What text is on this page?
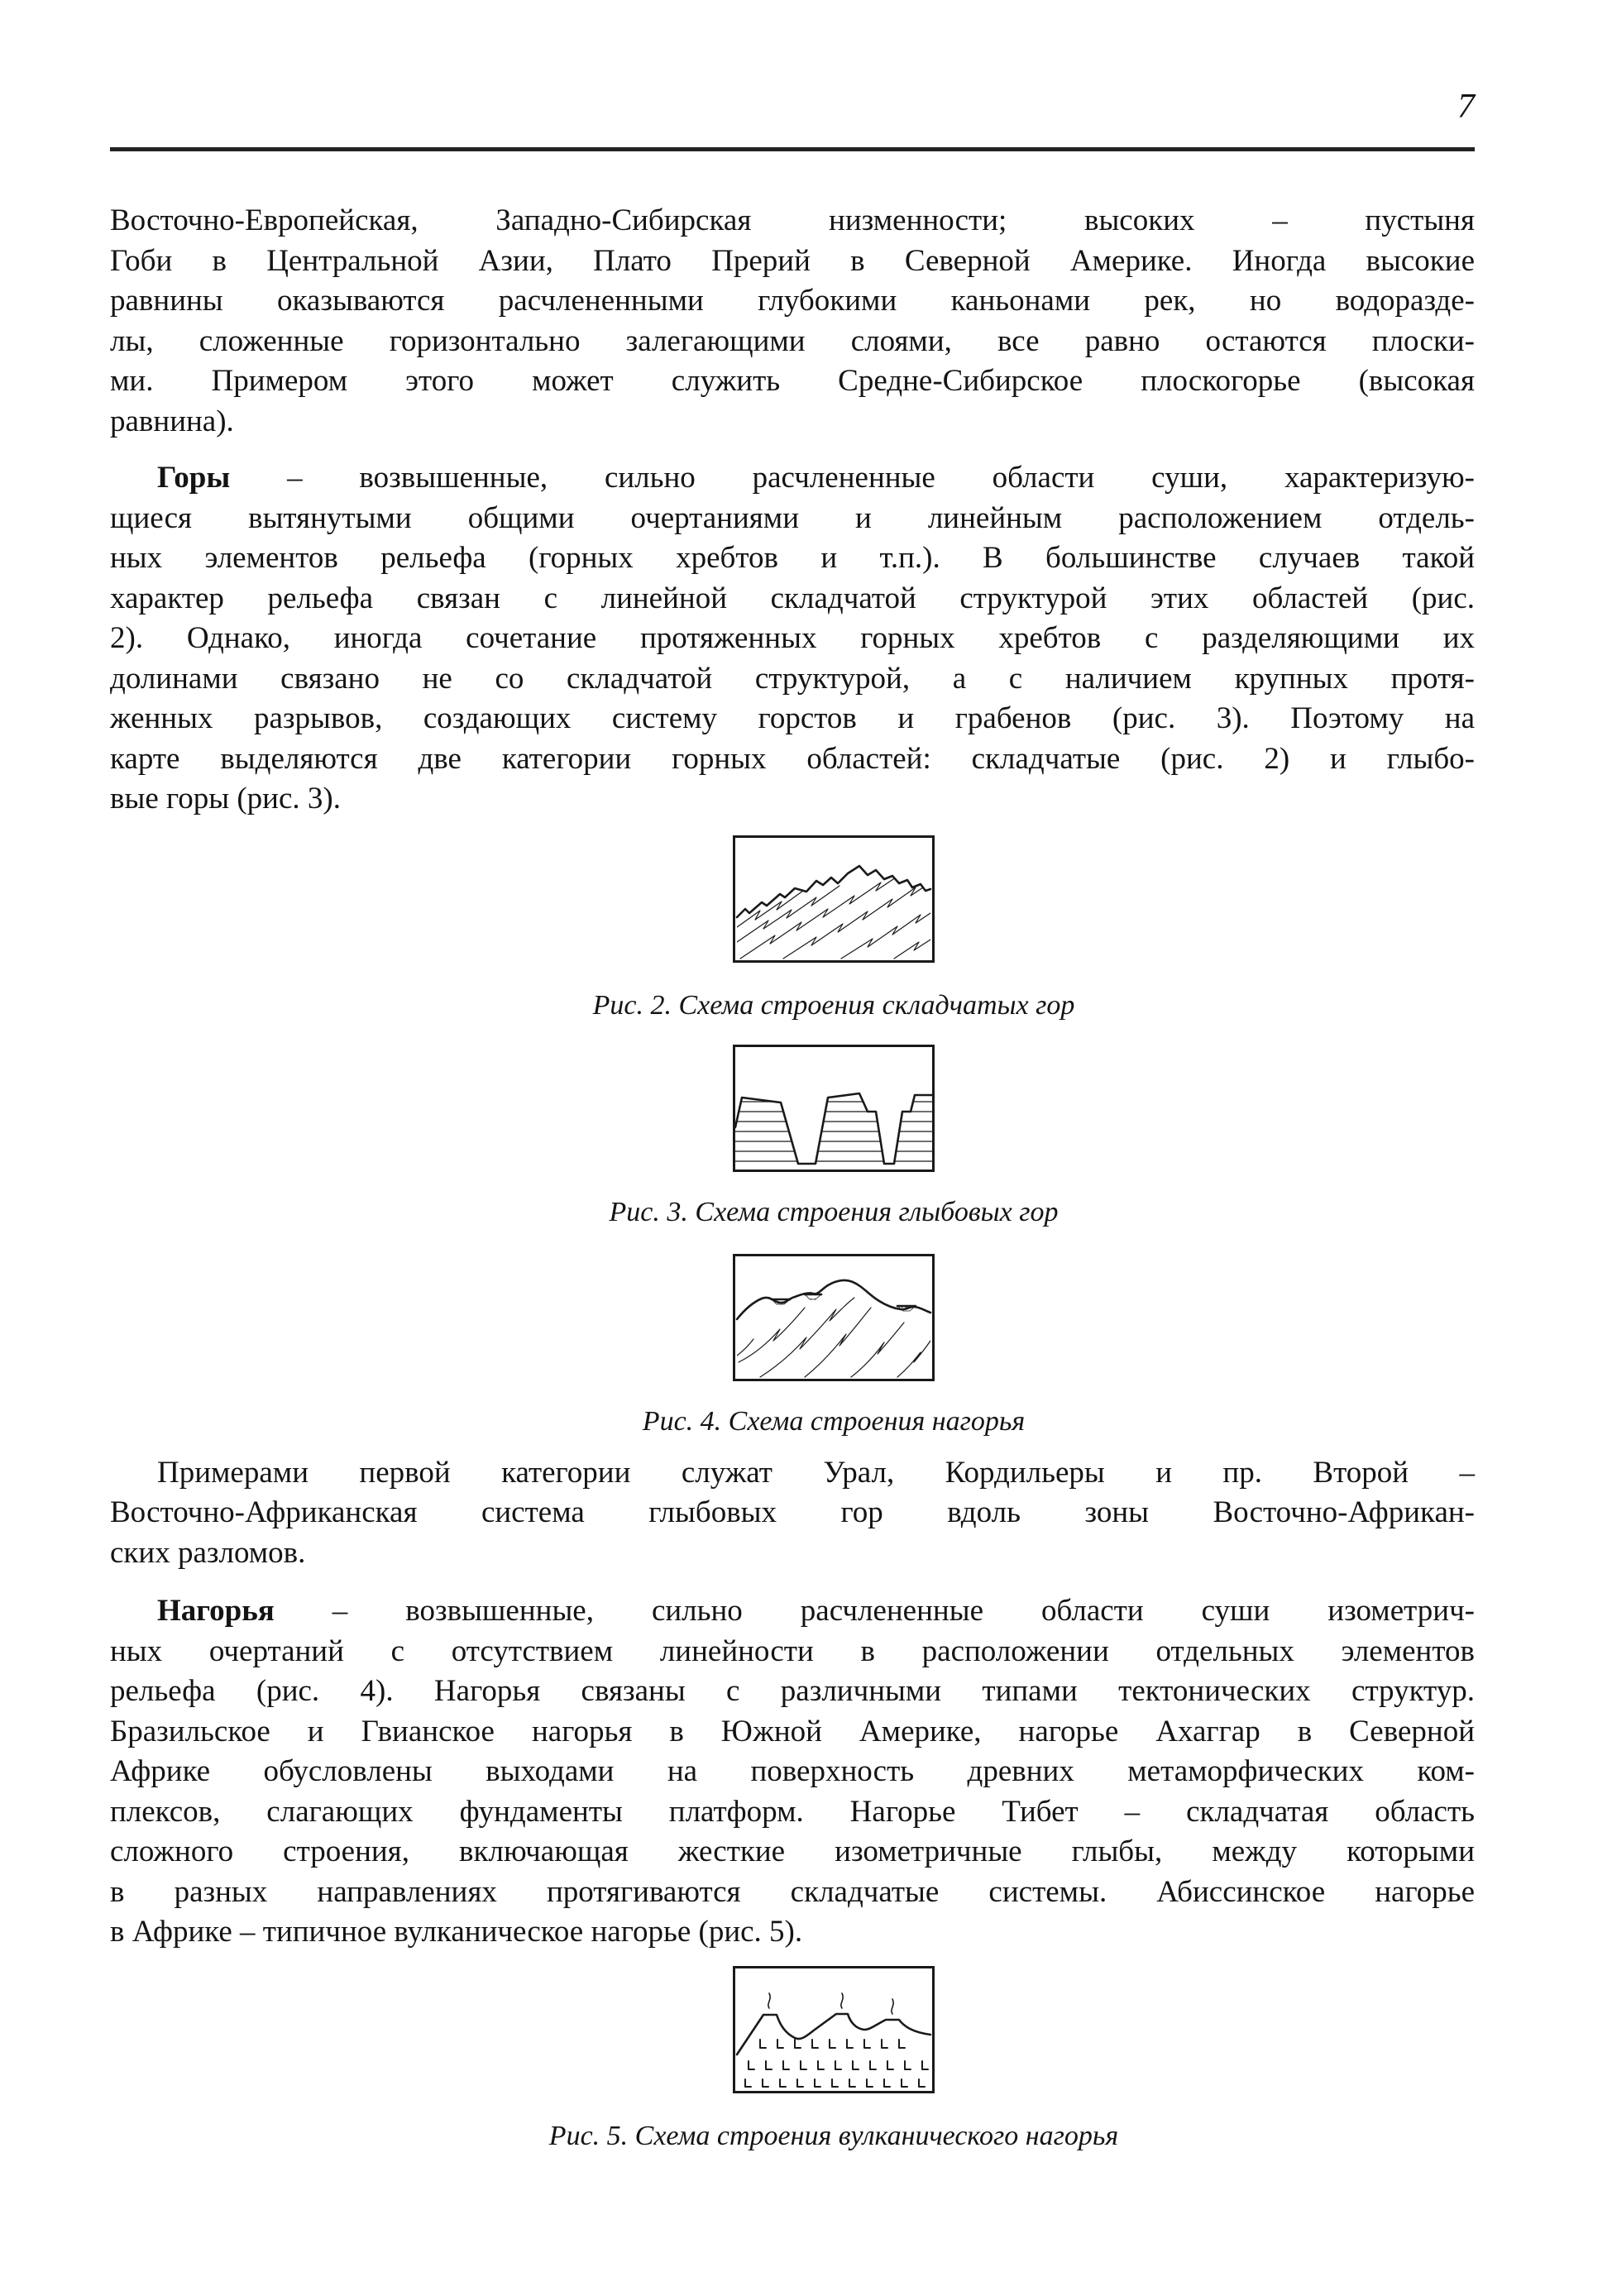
7
Восточно-Европейская, Западно-Сибирская низменности; высоких – пустыня
Гоби в Центральной Азии, Плато Прерий в Северной Америке. Иногда высокие
равнины оказываются расчлененными глубокими каньонами рек, но водоразде-
лы, сложенные горизонтально залегающими слоями, все равно остаются плоски-
ми. Примером этого может служить Средне-Сибирское плоскогорье (высокая
равнина).
Горы – возвышенные, сильно расчлененные области суши, характеризую-
щиеся вытянутыми общими очертаниями и линейным расположением отдель-
ных элементов рельефа (горных хребтов и т.п.). В большинстве случаев такой
характер рельефа связан с линейной складчатой структурой этих областей (рис.
2). Однако, иногда сочетание протяженных горных хребтов с разделяющими их
долинами связано не со складчатой структурой, а с наличием крупных протя-
женных разрывов, создающих систему горстов и грабенов (рис. 3). Поэтому на
карте выделяются две категории горных областей: складчатые (рис. 2) и глыбо-
вые горы (рис. 3).
Рис. 2. Схема строения складчатых гор
Рис. 3. Схема строения глыбовых гор
Рис. 4. Схема строения нагорья
Примерами первой категории служат Урал, Кордильеры и пр. Второй –
Восточно-Африканская система глыбовых гор вдоль зоны Восточно-Африкан-
ских разломов.
Нагорья – возвышенные, сильно расчлененные области суши изометрич-
ных очертаний с отсутствием линейности в расположении отдельных элементов
рельефа (рис. 4). Нагорья связаны с различными типами тектонических структур.
Бразильское и Гвианское нагорья в Южной Америке, нагорье Ахаггар в Северной
Африке обусловлены выходами на поверхность древних метаморфических ком-
плексов, слагающих фундаменты платформ. Нагорье Тибет – складчатая область
сложного строения, включающая жесткие изометричные глыбы, между которыми
в разных направлениях протягиваются складчатые системы. Абиссинское нагорье
в Африке – типичное вулканическое нагорье (рис. 5).
Рис. 5. Схема строения вулканического нагорья
